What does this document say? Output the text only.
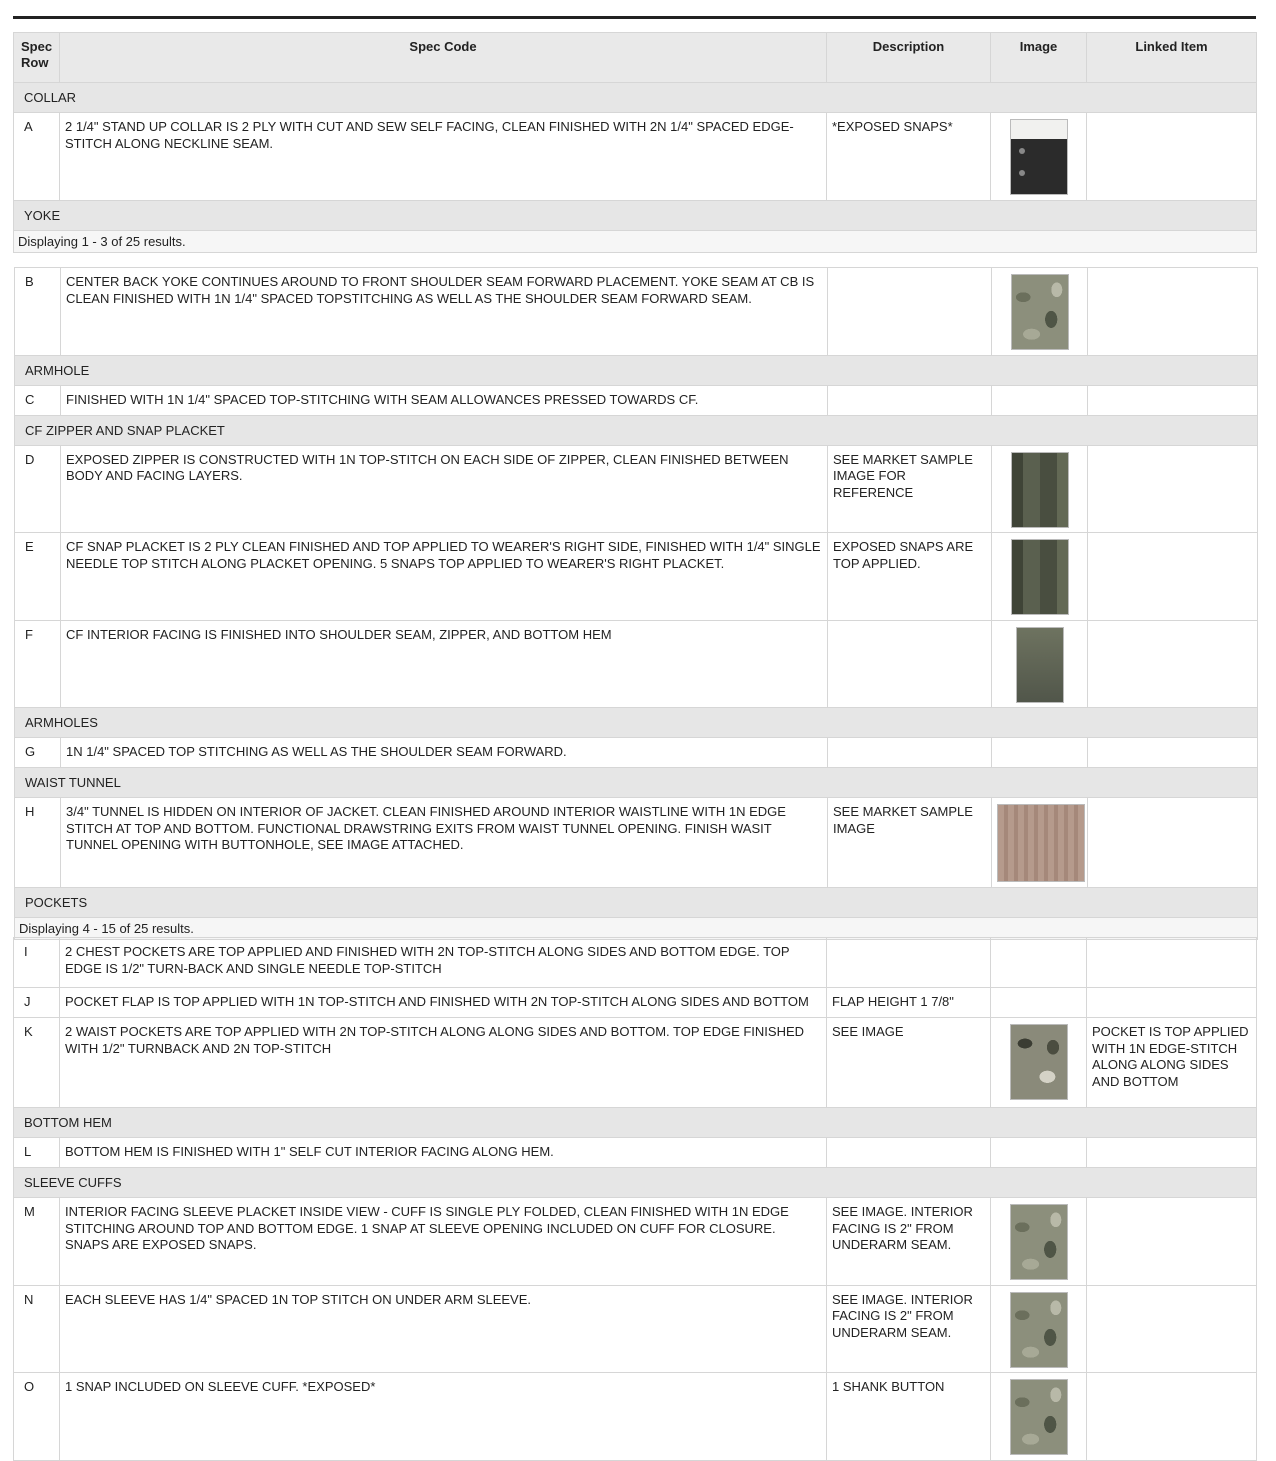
Spec Row	Spec Code	Description	Image	Linked Item
COLLAR				
A	2 1/4" STAND UP COLLAR IS 2 PLY WITH CUT AND SEW SELF FACING, CLEAN FINISHED WITH 2N 1/4" SPACED EDGE-STITCH ALONG NECKLINE SEAM.	*EXPOSED SNAPS*		
YOKE				
Displaying 1 - 3 of 25 results.				
B	CENTER BACK YOKE CONTINUES AROUND TO FRONT SHOULDER SEAM FORWARD PLACEMENT. YOKE SEAM AT CB IS CLEAN FINISHED WITH 1N 1/4" SPACED TOPSTITCHING AS WELL AS THE SHOULDER SEAM FORWARD SEAM.			
ARMHOLE				
C	FINISHED WITH 1N 1/4" SPACED TOP-STITCHING WITH SEAM ALLOWANCES PRESSED TOWARDS CF.			
CF ZIPPER AND SNAP PLACKET				
D	EXPOSED ZIPPER IS CONSTRUCTED WITH 1N TOP-STITCH ON EACH SIDE OF ZIPPER, CLEAN FINISHED BETWEEN BODY AND FACING LAYERS.	SEE MARKET SAMPLE IMAGE FOR REFERENCE		
E	CF SNAP PLACKET IS 2 PLY CLEAN FINISHED AND TOP APPLIED TO WEARER'S RIGHT SIDE, FINISHED WITH 1/4" SINGLE NEEDLE TOP STITCH ALONG PLACKET OPENING. 5 SNAPS TOP APPLIED TO WEARER'S RIGHT PLACKET.	EXPOSED SNAPS ARE TOP APPLIED.		
F	CF INTERIOR FACING IS FINISHED INTO SHOULDER SEAM, ZIPPER, AND BOTTOM HEM			
ARMHOLES				
G	1N 1/4" SPACED TOP STITCHING AS WELL AS THE SHOULDER SEAM FORWARD.			
WAIST TUNNEL				
H	3/4" TUNNEL IS HIDDEN ON INTERIOR OF JACKET. CLEAN FINISHED AROUND INTERIOR WAISTLINE WITH 1N EDGE STITCH AT TOP AND BOTTOM. FUNCTIONAL DRAWSTRING EXITS FROM WAIST TUNNEL OPENING. FINISH WASIT TUNNEL OPENING WITH BUTTONHOLE, SEE IMAGE ATTACHED.	SEE MARKET SAMPLE IMAGE		
POCKETS				
Displaying 4 - 15 of 25 results.				
I	2 CHEST POCKETS ARE TOP APPLIED AND FINISHED WITH 2N TOP-STITCH ALONG SIDES AND BOTTOM EDGE. TOP EDGE IS 1/2" TURN-BACK AND SINGLE NEEDLE TOP-STITCH			
J	POCKET FLAP IS TOP APPLIED WITH 1N TOP-STITCH AND FINISHED WITH 2N TOP-STITCH ALONG SIDES AND BOTTOM	FLAP HEIGHT 1 7/8"		
K	2 WAIST POCKETS ARE TOP APPLIED WITH 2N TOP-STITCH ALONG ALONG SIDES AND BOTTOM. TOP EDGE FINISHED WITH 1/2" TURNBACK AND 2N TOP-STITCH	SEE IMAGE		POCKET IS TOP APPLIED WITH 1N EDGE-STITCH ALONG ALONG SIDES AND BOTTOM
BOTTOM HEM				
L	BOTTOM HEM IS FINISHED WITH 1" SELF CUT INTERIOR FACING ALONG HEM.			
SLEEVE CUFFS				
M	INTERIOR FACING SLEEVE PLACKET INSIDE VIEW - CUFF IS SINGLE PLY FOLDED, CLEAN FINISHED WITH 1N EDGE STITCHING AROUND TOP AND BOTTOM EDGE. 1 SNAP AT SLEEVE OPENING INCLUDED ON CUFF FOR CLOSURE. SNAPS ARE EXPOSED SNAPS.	SEE IMAGE. INTERIOR FACING IS 2" FROM UNDERARM SEAM.		
N	EACH SLEEVE HAS 1/4" SPACED 1N TOP STITCH ON UNDER ARM SLEEVE.	SEE IMAGE. INTERIOR FACING IS 2" FROM UNDERARM SEAM.		
O	1 SNAP INCLUDED ON SLEEVE CUFF. *EXPOSED*	1 SHANK BUTTON		
